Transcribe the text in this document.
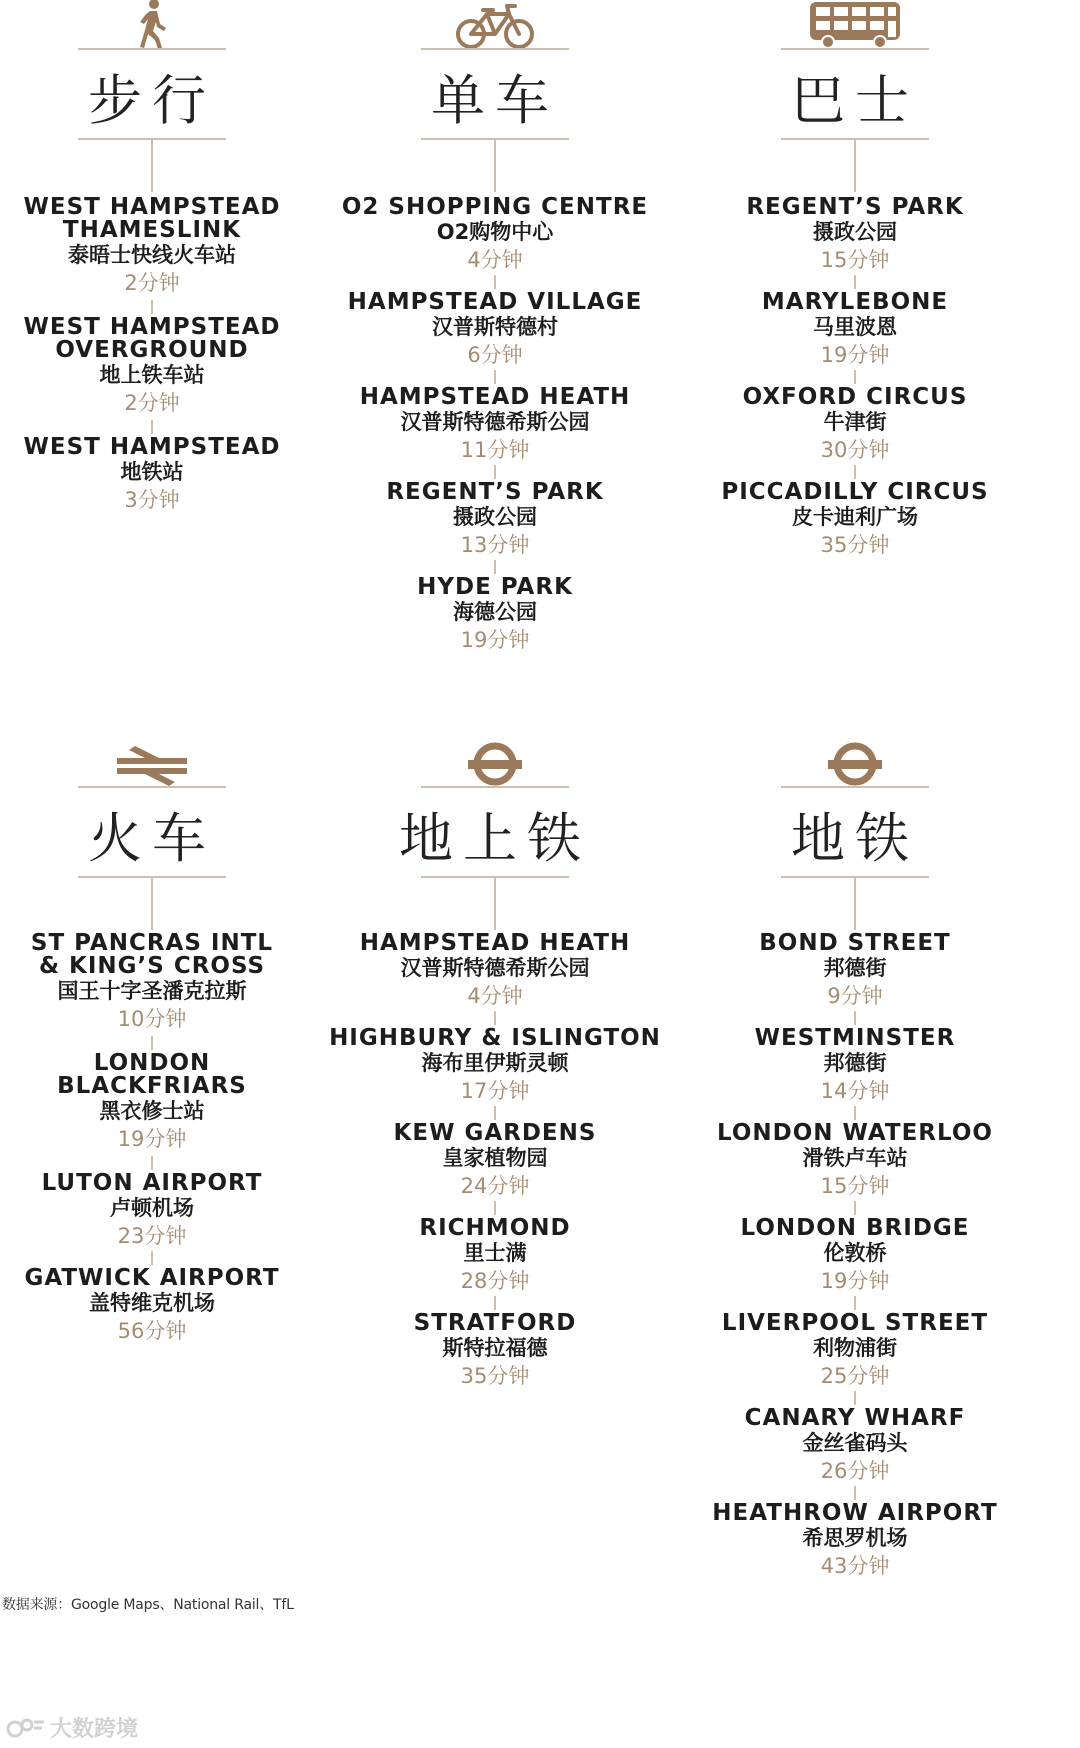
步行
WEST HAMPSTEAD
THAMESLINK
泰晤士快线火车站
2分钟
WEST HAMPSTEAD
OVERGROUND
地上铁车站
2分钟
WEST HAMPSTEAD
地铁站
3分钟
单车
O2 SHOPPING CENTRE
O2购物中心
4分钟
HAMPSTEAD VILLAGE
汉普斯特德村
6分钟
HAMPSTEAD HEATH
汉普斯特德希斯公园
11分钟
REGENT’S PARK
摄政公园
13分钟
HYDE PARK
海德公园
19分钟
巴士
REGENT’S PARK
摄政公园
15分钟
MARYLEBONE
马里波恩
19分钟
OXFORD CIRCUS
牛津街
30分钟
PICCADILLY CIRCUS
皮卡迪利广场
35分钟
火车
ST PANCRAS INTL
& KING’S CROSS
国王十字圣潘克拉斯
10分钟
LONDON
BLACKFRIARS
黑衣修士站
19分钟
LUTON AIRPORT
卢顿机场
23分钟
GATWICK AIRPORT
盖特维克机场
56分钟
地上铁
HAMPSTEAD HEATH
汉普斯特德希斯公园
4分钟
HIGHBURY & ISLINGTON
海布里伊斯灵顿
17分钟
KEW GARDENS
皇家植物园
24分钟
RICHMOND
里士满
28分钟
STRATFORD
斯特拉福德
35分钟
地铁
BOND STREET
邦德街
9分钟
WESTMINSTER
邦德街
14分钟
LONDON WATERLOO
滑铁卢车站
15分钟
LONDON BRIDGE
伦敦桥
19分钟
LIVERPOOL STREET
利物浦街
25分钟
CANARY WHARF
金丝雀码头
26分钟
HEATHROW AIRPORT
希思罗机场
43分钟
数据来源：Google Maps、National Rail、TfL
大数跨境
